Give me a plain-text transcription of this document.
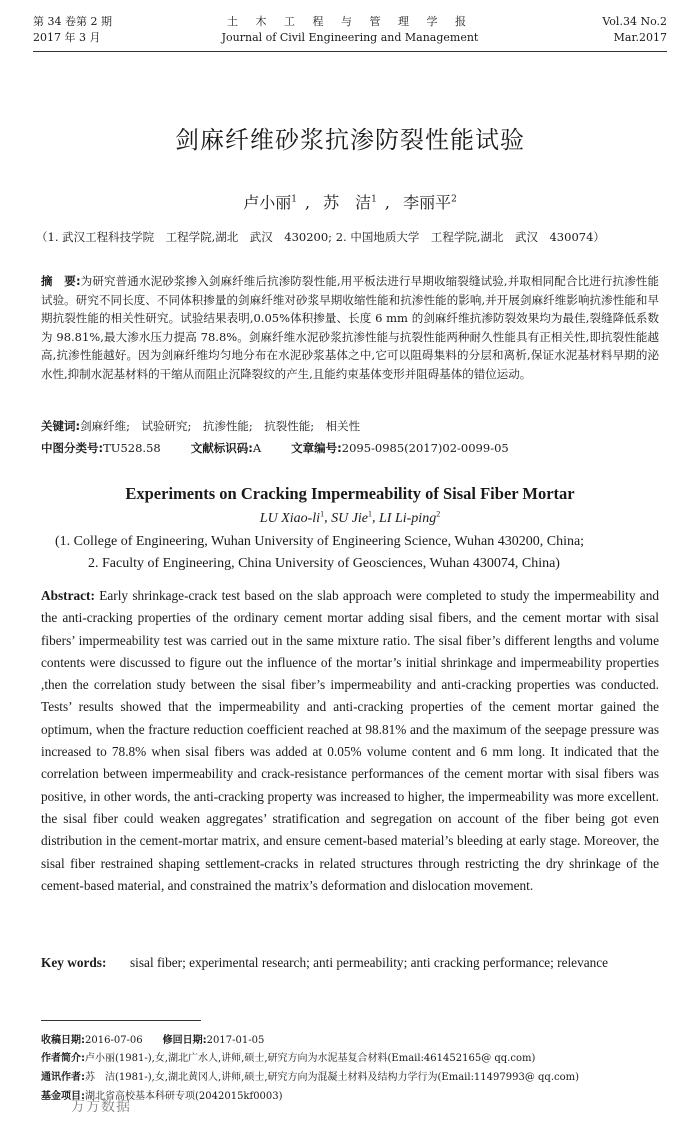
第 34 卷第 2 期
2017 年 3 月
土 木 工 程 与 管 理 学 报
Journal of Civil Engineering and Management
Vol.34 No.2
Mar.2017
剑麻纤维砂浆抗渗防裂性能试验
卢小丽$^1$ , 苏　洁$^1$ , 李丽平$^2$
（1. 武汉工程科技学院　工程学院,湖北　武汉　430200; 2. 中国地质大学　工程学院,湖北　武汉　430074）
摘　要:为研究普通水泥砂浆掺入剑麻纤维后抗渗防裂性能,用平板法进行早期收缩裂缝试验,并取相同配合比进行抗渗性能试验。研究不同长度、不同体积掺量的剑麻纤维对砂浆早期收缩性能和抗渗性能的影响,并开展剑麻纤维影响抗渗性能和早期抗裂性能的相关性研究。试验结果表明,0.05%体积掺量、长度 6 mm 的剑麻纤维抗渗防裂效果均为最佳,裂缝降低系数为 98.81%,最大渗水压力提高 78.8%。剑麻纤维水泥砂浆抗渗性能与抗裂性能两种耐久性能具有正相关性,即抗裂性能越高,抗渗性能越好。因为剑麻纤维均匀地分布在水泥砂浆基体之中,它可以阻碍集料的分层和离析,保证水泥基材料早期的泌水性,抑制水泥基材料的干缩从而阻止沉降裂纹的产生,且能约束基体变形并阻碍基体的错位运动。
关键词:剑麻纤维;　试验研究;　抗渗性能;　抗裂性能;　相关性
中图分类号:TU528.58	文献标识码:A	文章编号:2095-0985(2017)02-0099-05
Experiments on Cracking Impermeability of Sisal Fiber Mortar
LU Xiao-$li^1$, SU Jie$^1$, LI Li-ping$^2$
(1. College of Engineering, Wuhan University of Engineering Science, Wuhan 430200, China;
2. Faculty of Engineering, China University of Geosciences, Wuhan 430074, China)
Abstract: Early shrinkage-crack test based on the slab approach were completed to study the impermeability and the anti-cracking properties of the ordinary cement mortar adding sisal fibers, and the cement mortar with sisal fibers’ impermeability test was carried out in the same mixture ratio. The sisal fiber’s different lengths and volume contents were discussed to figure out the influence of the mortar’s initial shrinkage and impermeability properties ,then the correlation study between the sisal fiber’s impermeability and anti-cracking properties was conducted. Tests’ results showed that the impermeability and anti-cracking properties of the cement mortar gained the optimum, when the fracture reduction coefficient reached at 98.81% and the maximum of the seepage pressure was increased to 78.8% when sisal fibers was added at 0.05% volume content and 6 mm long. It indicated that the correlation between impermeability and crack-resistance performances of the cement mortar with sisal fibers was positive, in other words, the anti-cracking property was increased to higher, the impermeability was more excellent. the sisal fiber could weaken aggregates’ stratification and segregation on account of the fiber being got even distribution in the cement-mortar matrix, and ensure cement-based material’s bleeding at early stage. Moreover, the sisal fiber restrained shaping settlement-cracks in related structures through restricting the dry shrinkage of the cement-based material, and constrained the matrix’s deformation and dislocation movement.
Key words:	sisal fiber; experimental research; anti permeability; anti cracking performance; relevance
收稿日期:2016-07-06　　 修回日期:2017-01-05
作者简介:卢小丽(1981-),女,湖北广水人,讲师,硕士,研究方向为水泥基复合材料(Email:461452165@ qq.com)
通讯作者:苏　洁(1981-),女,湖北黄冈人,讲师,硕士,研究方向为混凝土材料及结构力学行为(Email:11497993@ qq.com)
基金项目:湖北省高校基本科研专项(2042015kf0003)
万方数据
